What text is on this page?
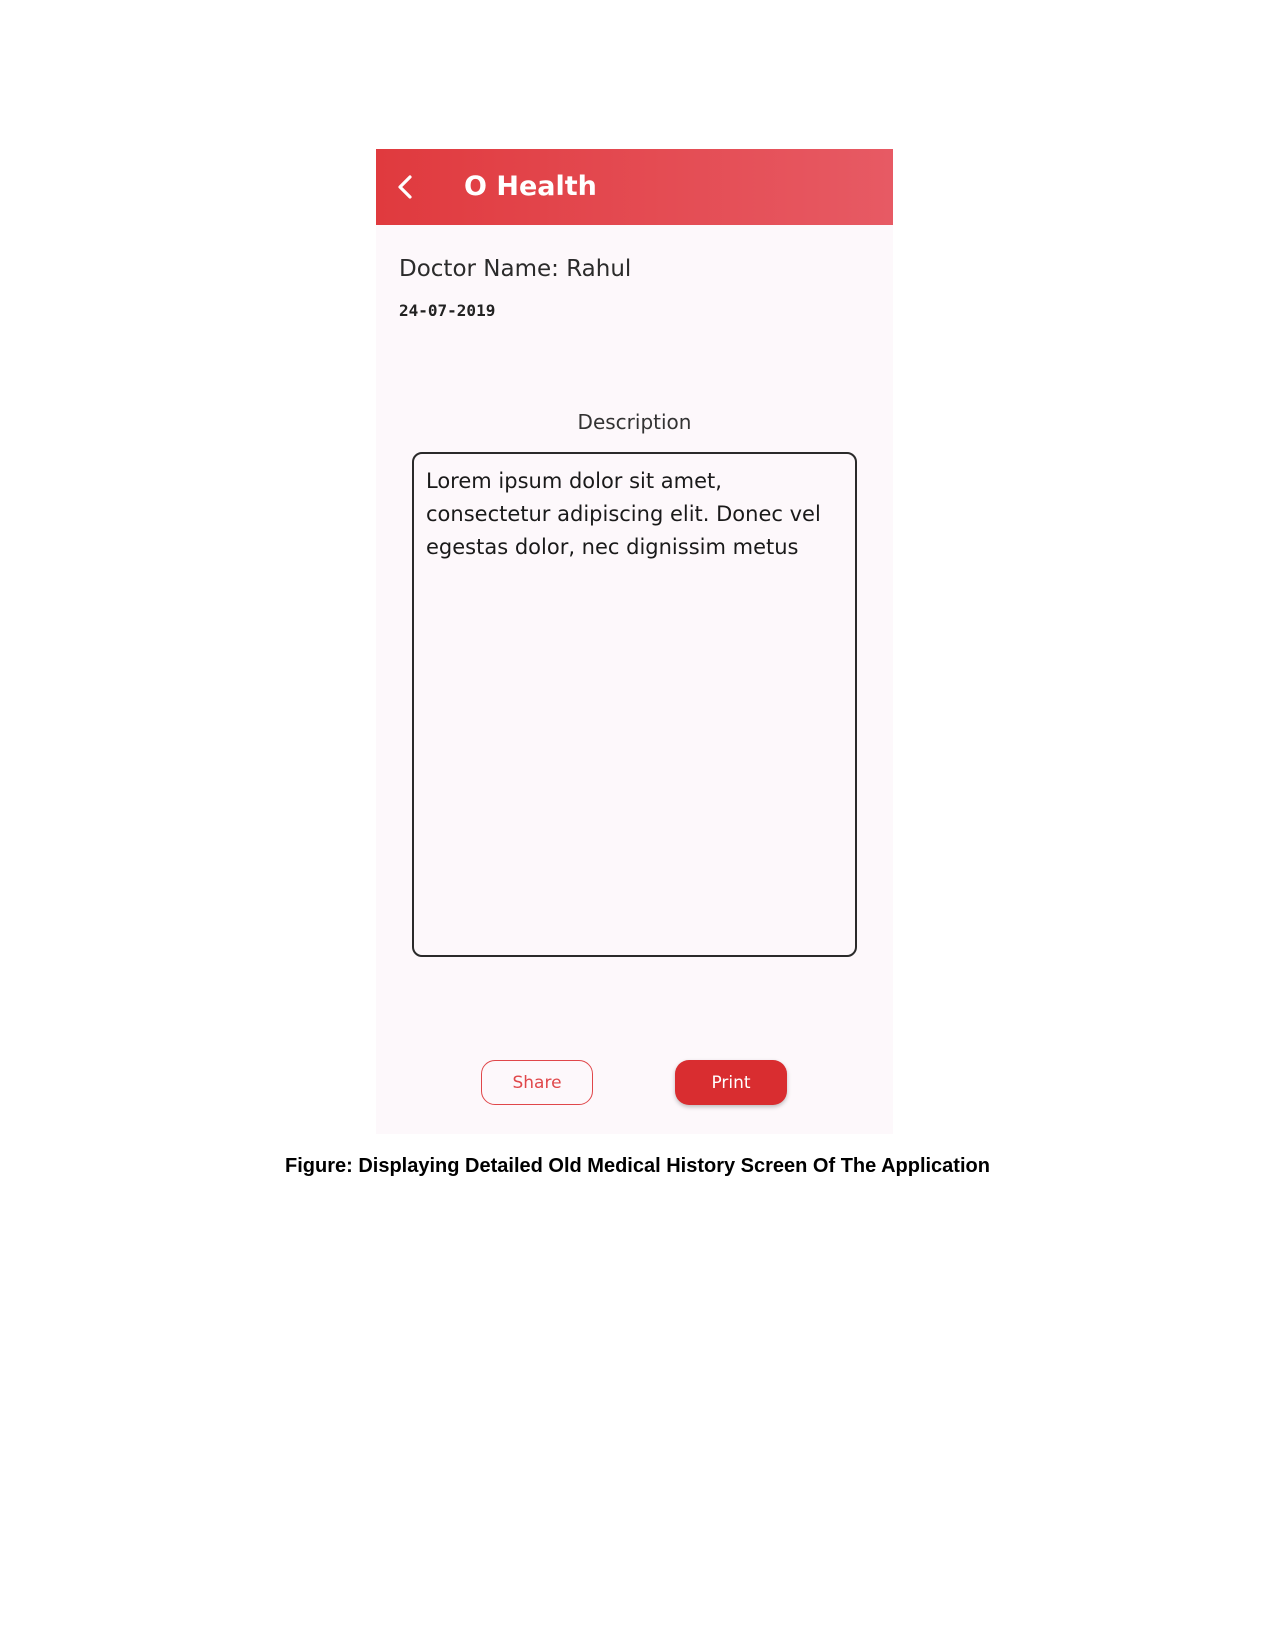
O Health
Doctor Name: Rahul
24-07-2019
Description
Lorem ipsum dolor sit amet, consectetur adipiscing elit. Donec vel egestas dolor, nec dignissim metus
Share	Print
Figure: Displaying Detailed Old Medical History Screen Of The Application
